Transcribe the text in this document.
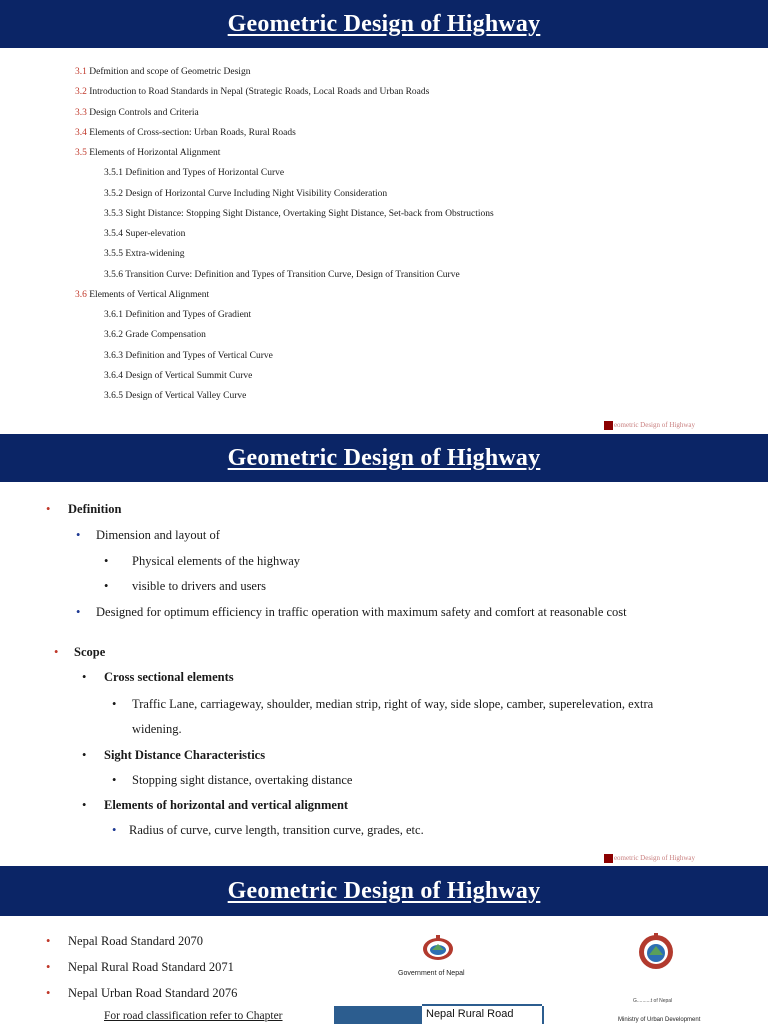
Geometric Design of Highway
3.1 Defmition and scope of Geometric Design
3.2 Introduction to Road Standards in Nepal (Strategic Roads, Local Roads and Urban Roads
3.3 Design Controls and Criteria
3.4 Elements of Cross-section: Urban Roads, Rural Roads
3.5 Elements of Horizontal Alignment
3.5.1 Definition and Types of Horizontal Curve
3.5.2 Design of Horizontal Curve Including Night Visibility Consideration
3.5.3 Sight Distance: Stopping Sight Distance, Overtaking Sight Distance, Set-back from Obstructions
3.5.4 Super-elevation
3.5.5 Extra-widening
3.5.6 Transition Curve: Definition and Types of Transition Curve, Design of Transition Curve
3.6 Elements of Vertical Alignment
3.6.1 Definition and Types of Gradient
3.6.2 Grade Compensation
3.6.3 Definition and Types of Vertical Curve
3.6.4 Design of Vertical Summit Curve
3.6.5 Design of Vertical Valley Curve
eometric Design of Highway
Geometric Design of Highway
• Definition
• Dimension and layout of
• Physical elements of the highway
• visible to drivers and users
• Designed for optimum efficiency in traffic operation with maximum safety and comfort at reasonable cost
• Scope
• Cross sectional elements
• Traffic Lane, carriageway, shoulder, median strip, right of way, side slope, camber, superelevation, extra
widening.
• Sight Distance Characteristics
• Stopping sight distance, overtaking distance
• Elements of horizontal and vertical alignment
• Radius of curve, curve length, transition curve, grades, etc.
eometric Design of Highway
Geometric Design of Highway
• Nepal Road Standard 2070
• Nepal Rural Road Standard 2071
• Nepal Urban Road Standard 2076
For road classification refer to Chapter
Government of Nepal
G..........t of Nepal
Ministry of Urban Development
Nepal Rural Road
